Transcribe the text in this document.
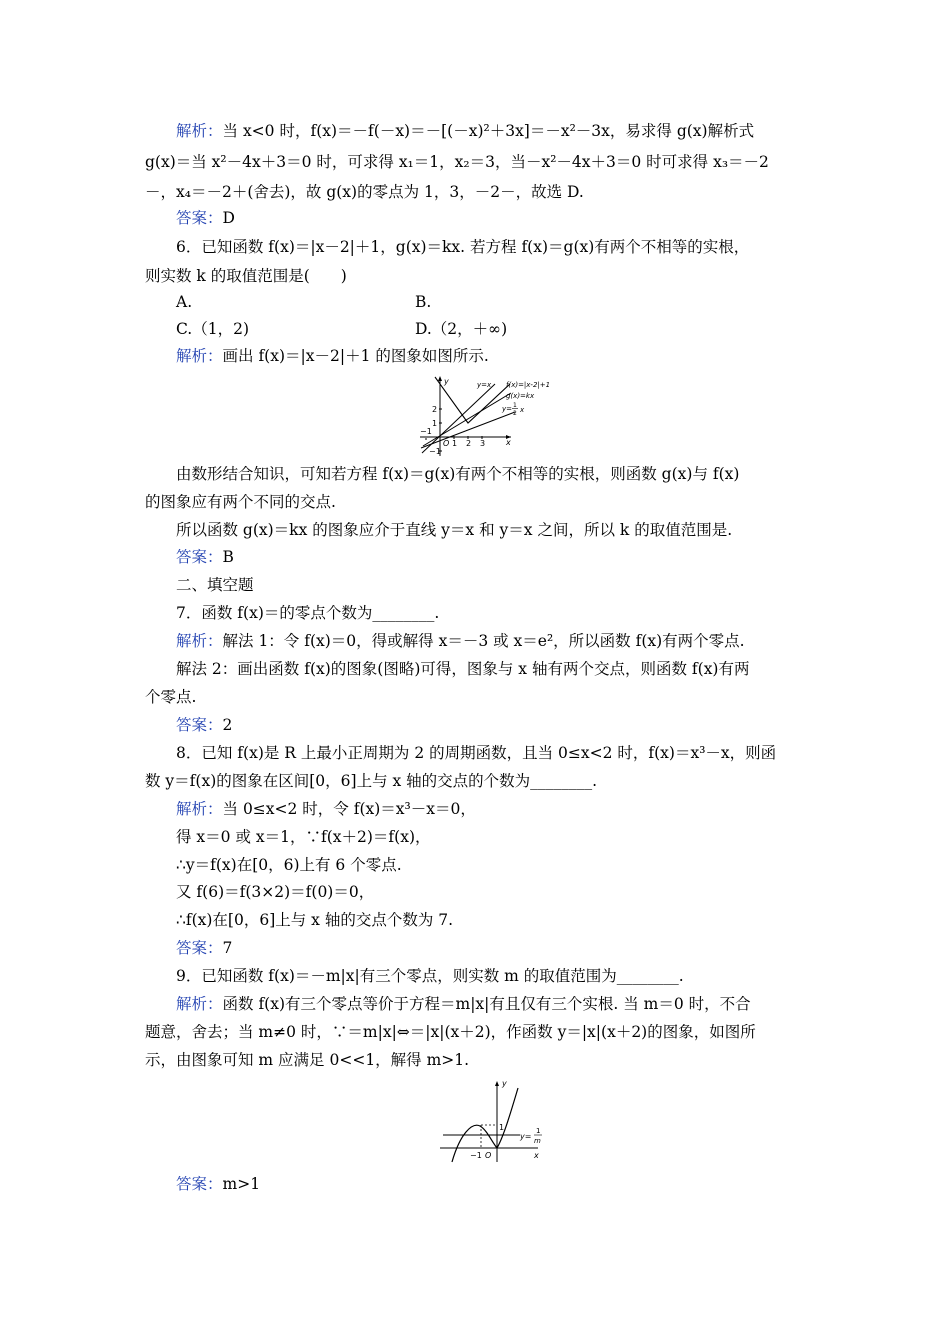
解析：当 x<0 时，f(x)＝－f(－x)＝－[(－x)²＋3x]＝－x²－3x，易求得 g(x)解析式
g(x)＝当 x²－4x＋3＝0 时，可求得 x₁＝1，x₂＝3，当－x²－4x＋3＝0 时可求得 x₃＝－2
－，x₄＝－2＋(舍去)，故 g(x)的零点为 1，3，－2－，故选 D.
答案：D
6．已知函数 f(x)＝|x－2|＋1，g(x)＝kx. 若方程 f(x)＝g(x)有两个不相等的实根，
则实数 k 的取值范围是(　　)
A.	B.
C.（1，2)	D.（2，＋∞)
解析：画出 f(x)＝|x－2|＋1 的图象如图所示.
y
x
O
y=x f(x)=|x-2|+1
g(x)=kx
y= 1
2 x
2
1
−1
−1
1 2 3
由数形结合知识，可知若方程 f(x)＝g(x)有两个不相等的实根，则函数 g(x)与 f(x)
的图象应有两个不同的交点.
所以函数 g(x)＝kx 的图象应介于直线 y＝x 和 y＝x 之间，所以 k 的取值范围是.
答案：B
二、填空题
7．函数 f(x)＝的零点个数为________.
解析：解法 1：令 f(x)＝0，得或解得 x＝－3 或 x＝e²，所以函数 f(x)有两个零点.
解法 2：画出函数 f(x)的图象(图略)可得，图象与 x 轴有两个交点，则函数 f(x)有两
个零点.
答案：2
8．已知 f(x)是 R 上最小正周期为 2 的周期函数，且当 0≤x<2 时，f(x)＝x³－x，则函
数 y＝f(x)的图象在区间[0，6]上与 x 轴的交点的个数为________.
解析：当 0≤x<2 时，令 f(x)＝x³－x＝0，
得 x＝0 或 x＝1，∵f(x＋2)＝f(x)，
∴y＝f(x)在[0，6)上有 6 个零点.
又 f(6)＝f(3×2)＝f(0)＝0，
∴f(x)在[0，6]上与 x 轴的交点个数为 7.
答案：7
9．已知函数 f(x)＝－m|x|有三个零点，则实数 m 的取值范围为________.
解析：函数 f(x)有三个零点等价于方程＝m|x|有且仅有三个实根. 当 m＝0 时，不合
题意，舍去；当 m≠0 时，∵＝m|x|⇔＝|x|(x＋2)，作函数 y＝|x|(x＋2)的图象，如图所
示，由图象可知 m 应满足 0<<1，解得 m>1.
y
x
O
−1
1
y=
1
m
答案：m>1
